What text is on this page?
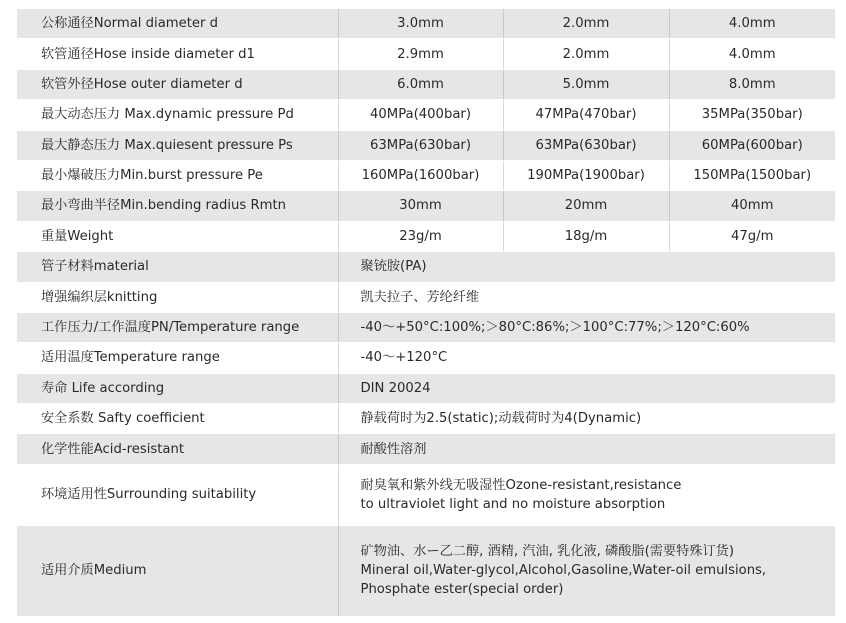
公称通径Normal diameter d	3.0mm	2.0mm	4.0mm
软管通径Hose inside diameter d1	2.9mm	2.0mm	4.0mm
软管外径Hose outer diameter d	6.0mm	5.0mm	8.0mm
最大动态压力 Max.dynamic pressure Pd	40MPa(400bar)	47MPa(470bar)	35MPa(350bar)
最大静态压力 Max.quiesent pressure Ps	63MPa(630bar)	63MPa(630bar)	60MPa(600bar)
最小爆破压力Min.burst pressure Pe	160MPa(1600bar)	190MPa(1900bar)	150MPa(1500bar)
最小弯曲半径Min.bending radius Rmtn	30mm	20mm	40mm
重量Weight	23g/m	18g/m	47g/m
管子材料material	聚铳胺(PA)		

增强编织层knitting	凯夫拉子、芳纶纤维		

工作压力/工作温度PN/Temperature range	-40～+50°C:100%;＞80°C:86%;＞100°C:77%;＞120°C:60%		

适用温度Temperature range	-40～+120°C		

寿命 Life according	DIN 20024		

安全系数 Safty coefficient	静载荷时为2.5(static);动载荷时为4(Dynamic)		

化学性能Acid-resistant	耐酸性溶剂		

环境适用性Surrounding suitability	耐臭氧和紫外线无吸湿性Ozone-resistant,resistance
to ultraviolet light and no moisture absorption		

适用介质Medium	矿物油、水ー乙二醇, 酒精, 汽油, 乳化液, 磷酸脂(需要特殊订货)
Mineral oil,Water-glycol,Alcohol,Gasoline,Water-oil emulsions,
Phosphate ester(special order)		
